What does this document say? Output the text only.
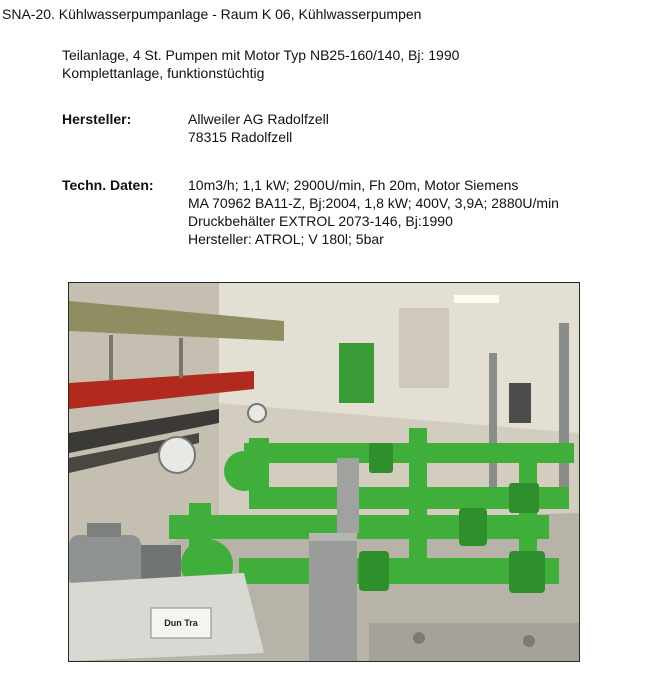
SNA-20. Kühlwasserpumpanlage - Raum K 06, Kühlwasserpumpen
Teilanlage, 4 St. Pumpen mit Motor Typ NB25-160/140, Bj: 1990
Komplettanlage, funktionstüchtig
Hersteller:	Allweiler AG Radolfzell
78315 Radolfzell
Techn. Daten: 10m3/h; 1,1 kW; 2900U/min, Fh 20m, Motor Siemens
MA 70962 BA11-Z, Bj:2004, 1,8 kW; 400V, 3,9A; 2880U/min
Druckbehälter EXTROL 2073-146, Bj:1990
Hersteller: ATROL; V 180l; 5bar
Dun Tra
